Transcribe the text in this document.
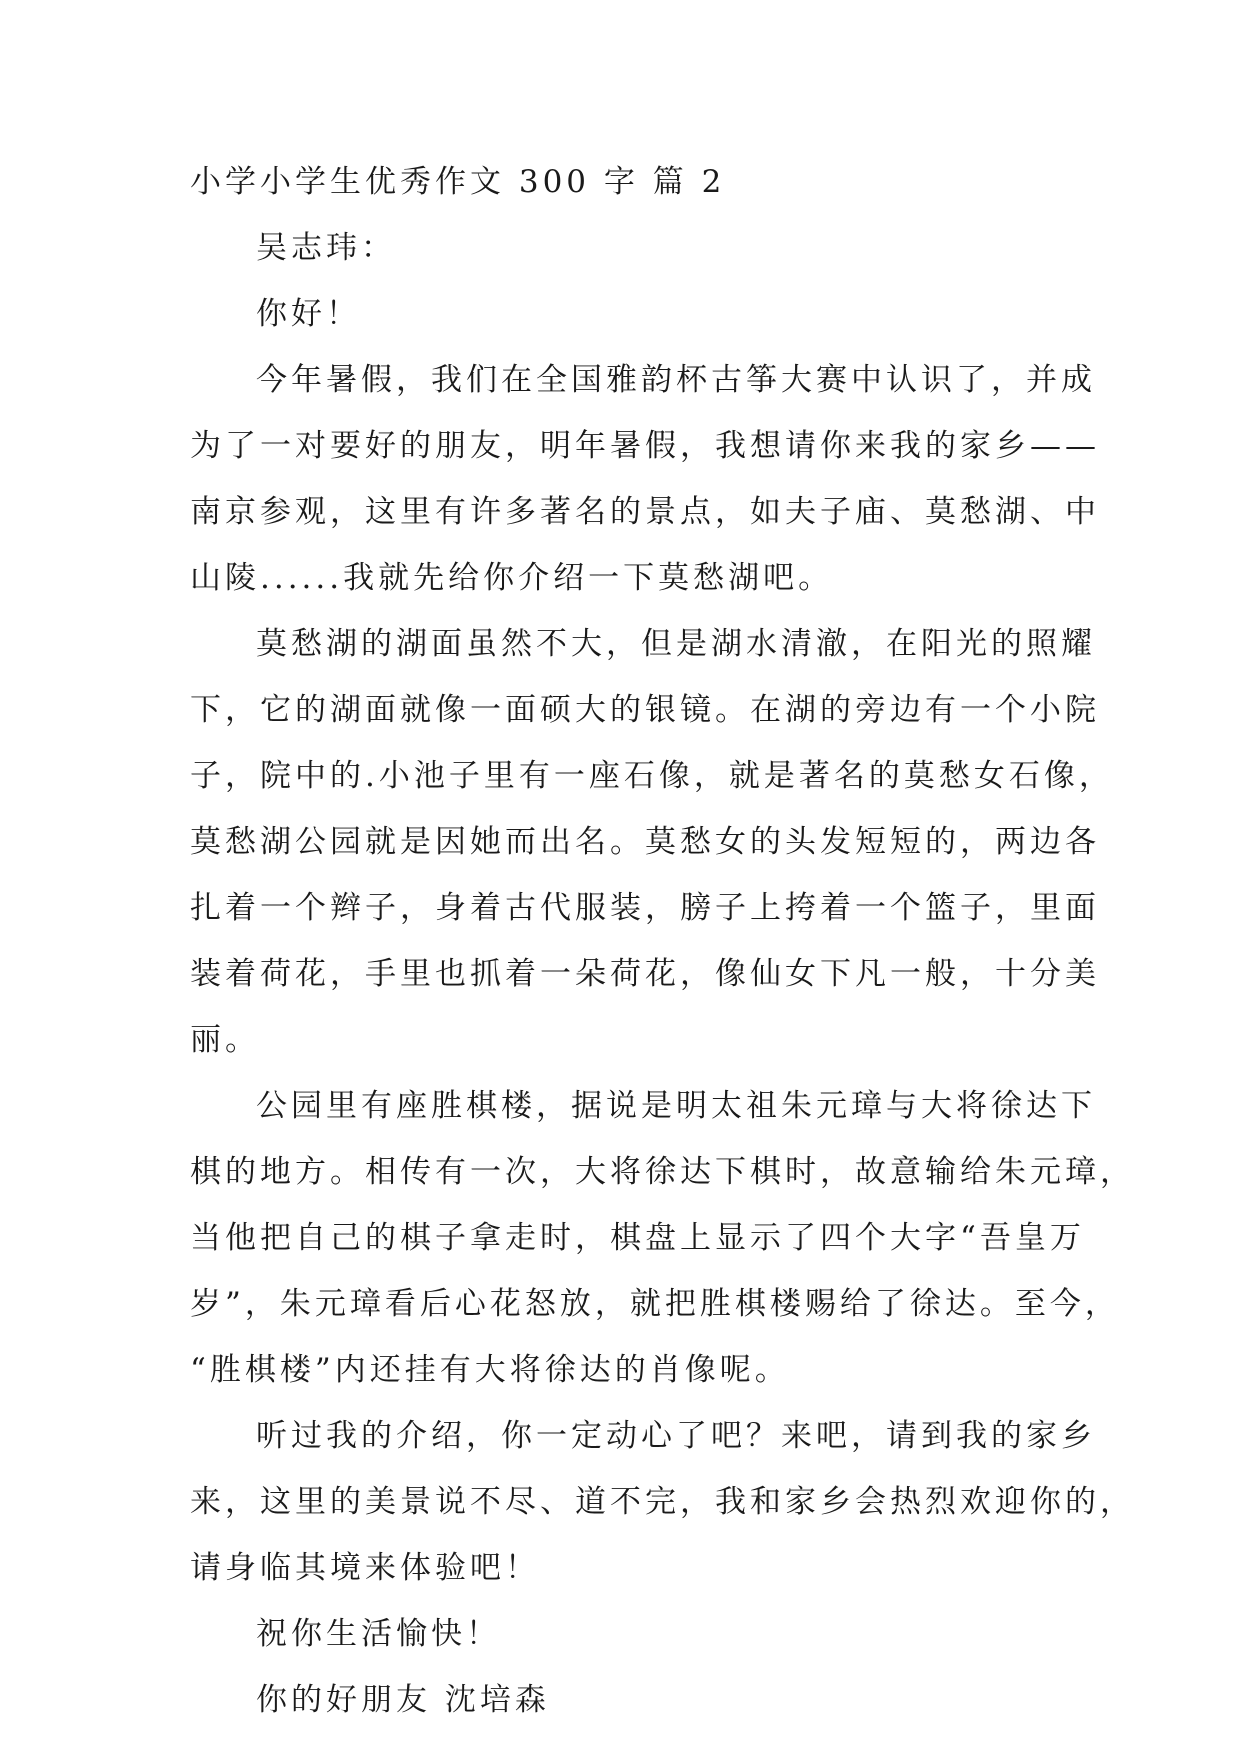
小学小学生优秀作文 300 字 篇 2
吴志玮：
你好！
今年暑假，我们在全国雅韵杯古筝大赛中认识了，并成
为了一对要好的朋友，明年暑假，我想请你来我的家乡——
南京参观，这里有许多著名的景点，如夫子庙、莫愁湖、中
山陵......我就先给你介绍一下莫愁湖吧。
莫愁湖的湖面虽然不大，但是湖水清澈，在阳光的照耀
下，它的湖面就像一面硕大的银镜。在湖的旁边有一个小院
子，院中的.小池子里有一座石像，就是著名的莫愁女石像，
莫愁湖公园就是因她而出名。莫愁女的头发短短的，两边各
扎着一个辫子，身着古代服装，膀子上挎着一个篮子，里面
装着荷花，手里也抓着一朵荷花，像仙女下凡一般，十分美
丽。
公园里有座胜棋楼，据说是明太祖朱元璋与大将徐达下
棋的地方。相传有一次，大将徐达下棋时，故意输给朱元璋，
当他把自己的棋子拿走时，棋盘上显示了四个大字“吾皇万
岁”，朱元璋看后心花怒放，就把胜棋楼赐给了徐达。至今，
“胜棋楼”内还挂有大将徐达的肖像呢。
听过我的介绍，你一定动心了吧？来吧，请到我的家乡
来，这里的美景说不尽、道不完，我和家乡会热烈欢迎你的，
请身临其境来体验吧！
祝你生活愉快！
你的好朋友 沈培森
